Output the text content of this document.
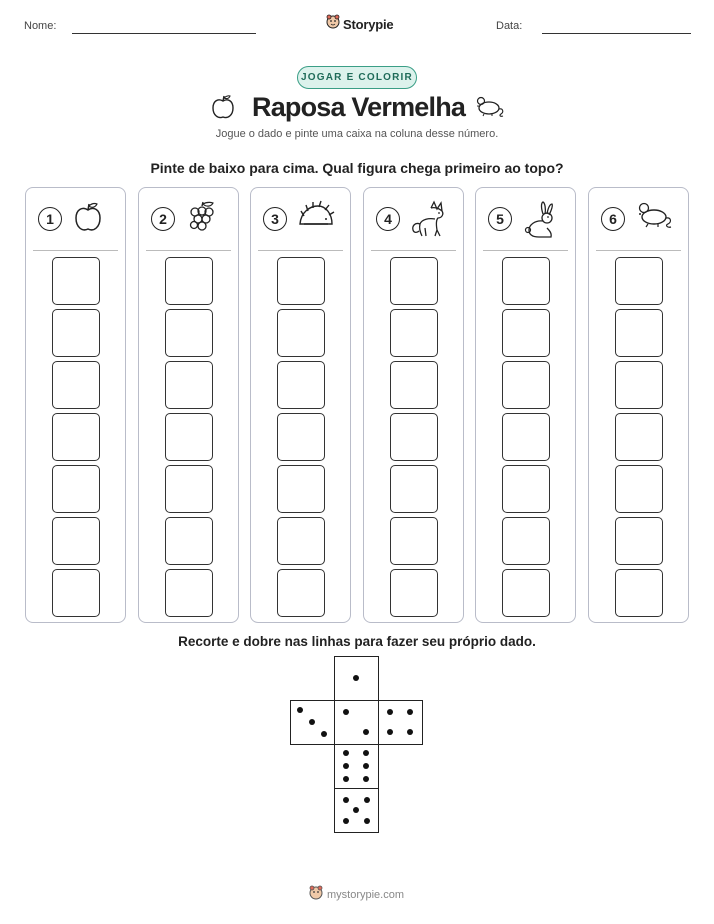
Nome:	Storypie	Data:
JOGAR E COLORIR
Raposa Vermelha
Jogue o dado e pinte uma caixa na coluna desse número.
Pinte de baixo para cima. Qual figura chega primeiro ao topo?
1	2	3	4	5	6
Recorte e dobre nas linhas para fazer seu próprio dado.
mystorypie.com
